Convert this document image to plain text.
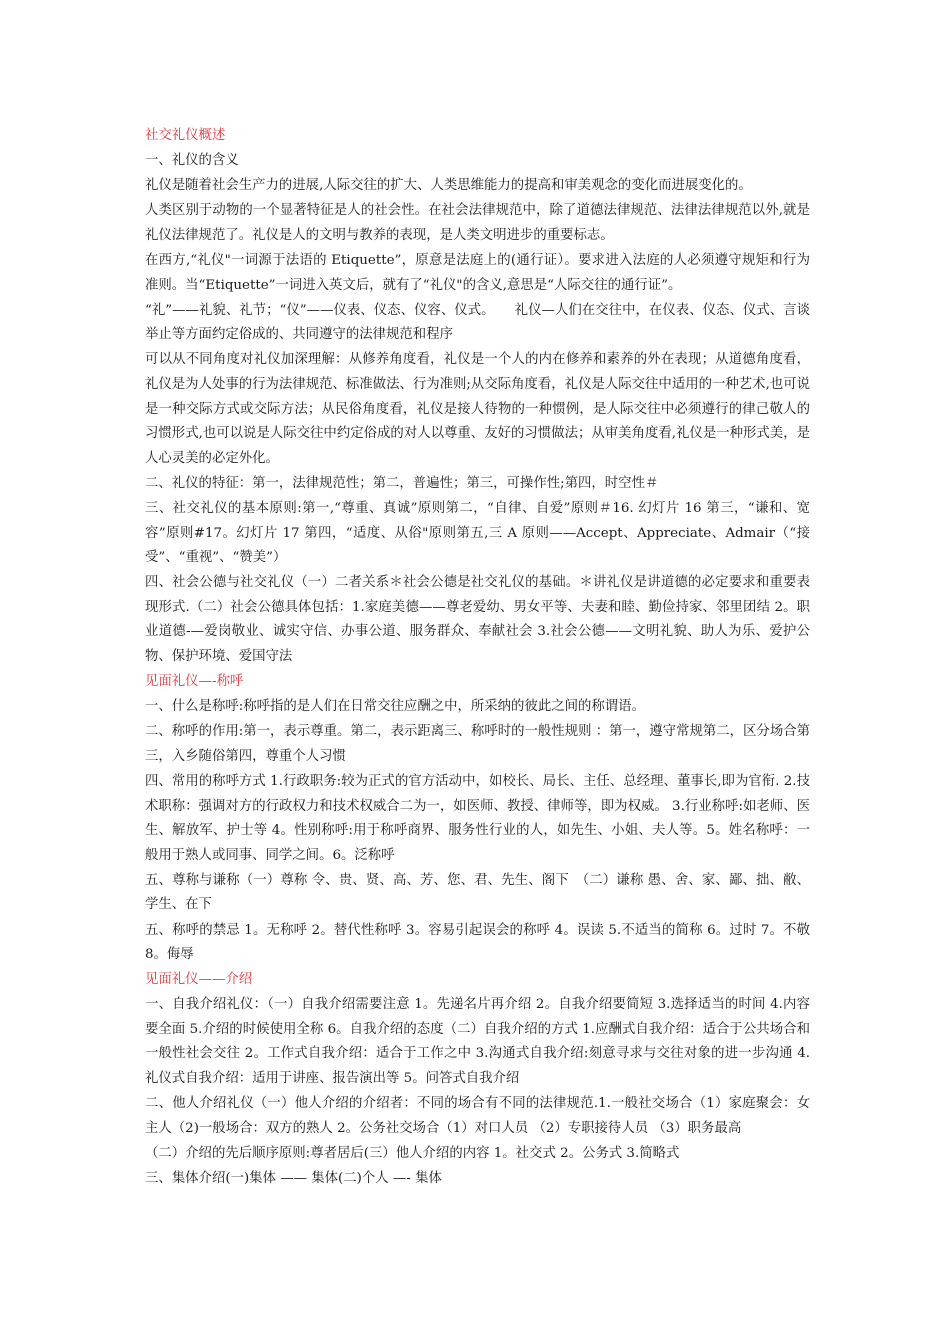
社交礼仪概述

一、礼仪的含义

礼仪是随着社会生产力的进展,人际交往的扩大、人类思维能力的提高和审美观念的变化而进展变化的。

人类区别于动物的一个显著特征是人的社会性。在社会法律规范中，除了道德法律规范、法律法律规范以外,就是礼仪法律规范了。礼仪是人的文明与教养的表现，是人类文明进步的重要标志。

在西方,“礼仪"一词源于法语的 Etiquette”，原意是法庭上的(通行证）。要求进入法庭的人必须遵守规矩和行为准则。当“Etiquette”一词进入英文后，就有了“礼仪"的含义,意思是“人际交往的通行证”。

“礼”——礼貌、礼节；“仪”——仪表、仪态、仪容、仪式。　　礼仪—人们在交往中，在仪表、仪态、仪式、言谈举止等方面约定俗成的、共同遵守的法律规范和程序

可以从不同角度对礼仪加深理解：从修养角度看，礼仪是一个人的内在修养和素养的外在表现；从道德角度看，礼仪是为人处事的行为法律规范、标准做法、行为准则;从交际角度看，礼仪是人际交往中适用的一种艺术,也可说是一种交际方式或交际方法；从民俗角度看，礼仪是接人待物的一种惯例，是人际交往中必须遵行的律己敬人的习惯形式,也可以说是人际交往中约定俗成的对人以尊重、友好的习惯做法；从审美角度看,礼仪是一种形式美，是人心灵美的必定外化。

二、礼仪的特征：第一，法律规范性；第二，普遍性；第三，可操作性;第四，时空性＃

三、社交礼仪的基本原则:第一,“尊重、真诚”原则第二，“自律、自爱”原则＃16. 幻灯片 16 第三，“谦和、宽容”原则#17。幻灯片 17 第四，“适度、从俗"原则第五,三 A 原则——Accept、Appreciate、Admair（“接受”、“重视”、“赞美”）

四、社会公德与社交礼仪（一）二者关系＊社会公德是社交礼仪的基础。＊讲礼仪是讲道德的必定要求和重要表现形式.（二）社会公德具体包括：1.家庭美德——尊老爱幼、男女平等、夫妻和睦、勤俭持家、邻里团结 2。职业道德-—爱岗敬业、诚实守信、办事公道、服务群众、奉献社会 3.社会公德——文明礼貌、助人为乐、爱护公物、保护环境、爱国守法

见面礼仪—-称呼

一、什么是称呼:称呼指的是人们在日常交往应酬之中，所采纳的彼此之间的称谓语。

二、称呼的作用:第一，表示尊重。第二，表示距离三、称呼时的一般性规则 ：第一，遵守常规第二，区分场合第三，入乡随俗第四，尊重个人习惯

四、常用的称呼方式 1.行政职务:较为正式的官方活动中，如校长、局长、主任、总经理、董事长,即为官衔. 2.技术职称：强调对方的行政权力和技术权威合二为一，如医师、教授、律师等，即为权威。 3.行业称呼:如老师、医生、解放军、护士等 4。性别称呼:用于称呼商界、服务性行业的人，如先生、小姐、夫人等。5。姓名称呼：一般用于熟人或同事、同学之间。6。泛称呼

五、尊称与谦称（一）尊称 令、贵、贤、高、芳、您、君、先生、阁下　（二）谦称 愚、舍、家、鄙、拙、敝、学生、在下

五、称呼的禁忌 1。无称呼 2。替代性称呼 3。容易引起误会的称呼 4。误读 5.不适当的简称 6。过时 7。不敬 8。侮辱

见面礼仪——介绍

一、自我介绍礼仪：（一）自我介绍需要注意 1。先递名片再介绍 2。自我介绍要简短 3.选择适当的时间 4.内容要全面 5.介绍的时候使用全称 6。自我介绍的态度（二）自我介绍的方式 1.应酬式自我介绍：适合于公共场合和一般性社会交往 2。工作式自我介绍：适合于工作之中 3.沟通式自我介绍:刻意寻求与交往对象的进一步沟通 4.礼仪式自我介绍：适用于讲座、报告演出等 5。问答式自我介绍

二、他人介绍礼仪（一）他人介绍的介绍者：不同的场合有不同的法律规范.1.一般社交场合（1）家庭聚会：女主人（2)一般场合：双方的熟人 2。公务社交场合（1）对口人员 （2）专职接待人员 （3）职务最高

（二）介绍的先后顺序原则:尊者居后(三）他人介绍的内容 1。社交式 2。公务式 3.简略式

三、集体介绍(一)集体 —— 集体(二)个人 —- 集体
